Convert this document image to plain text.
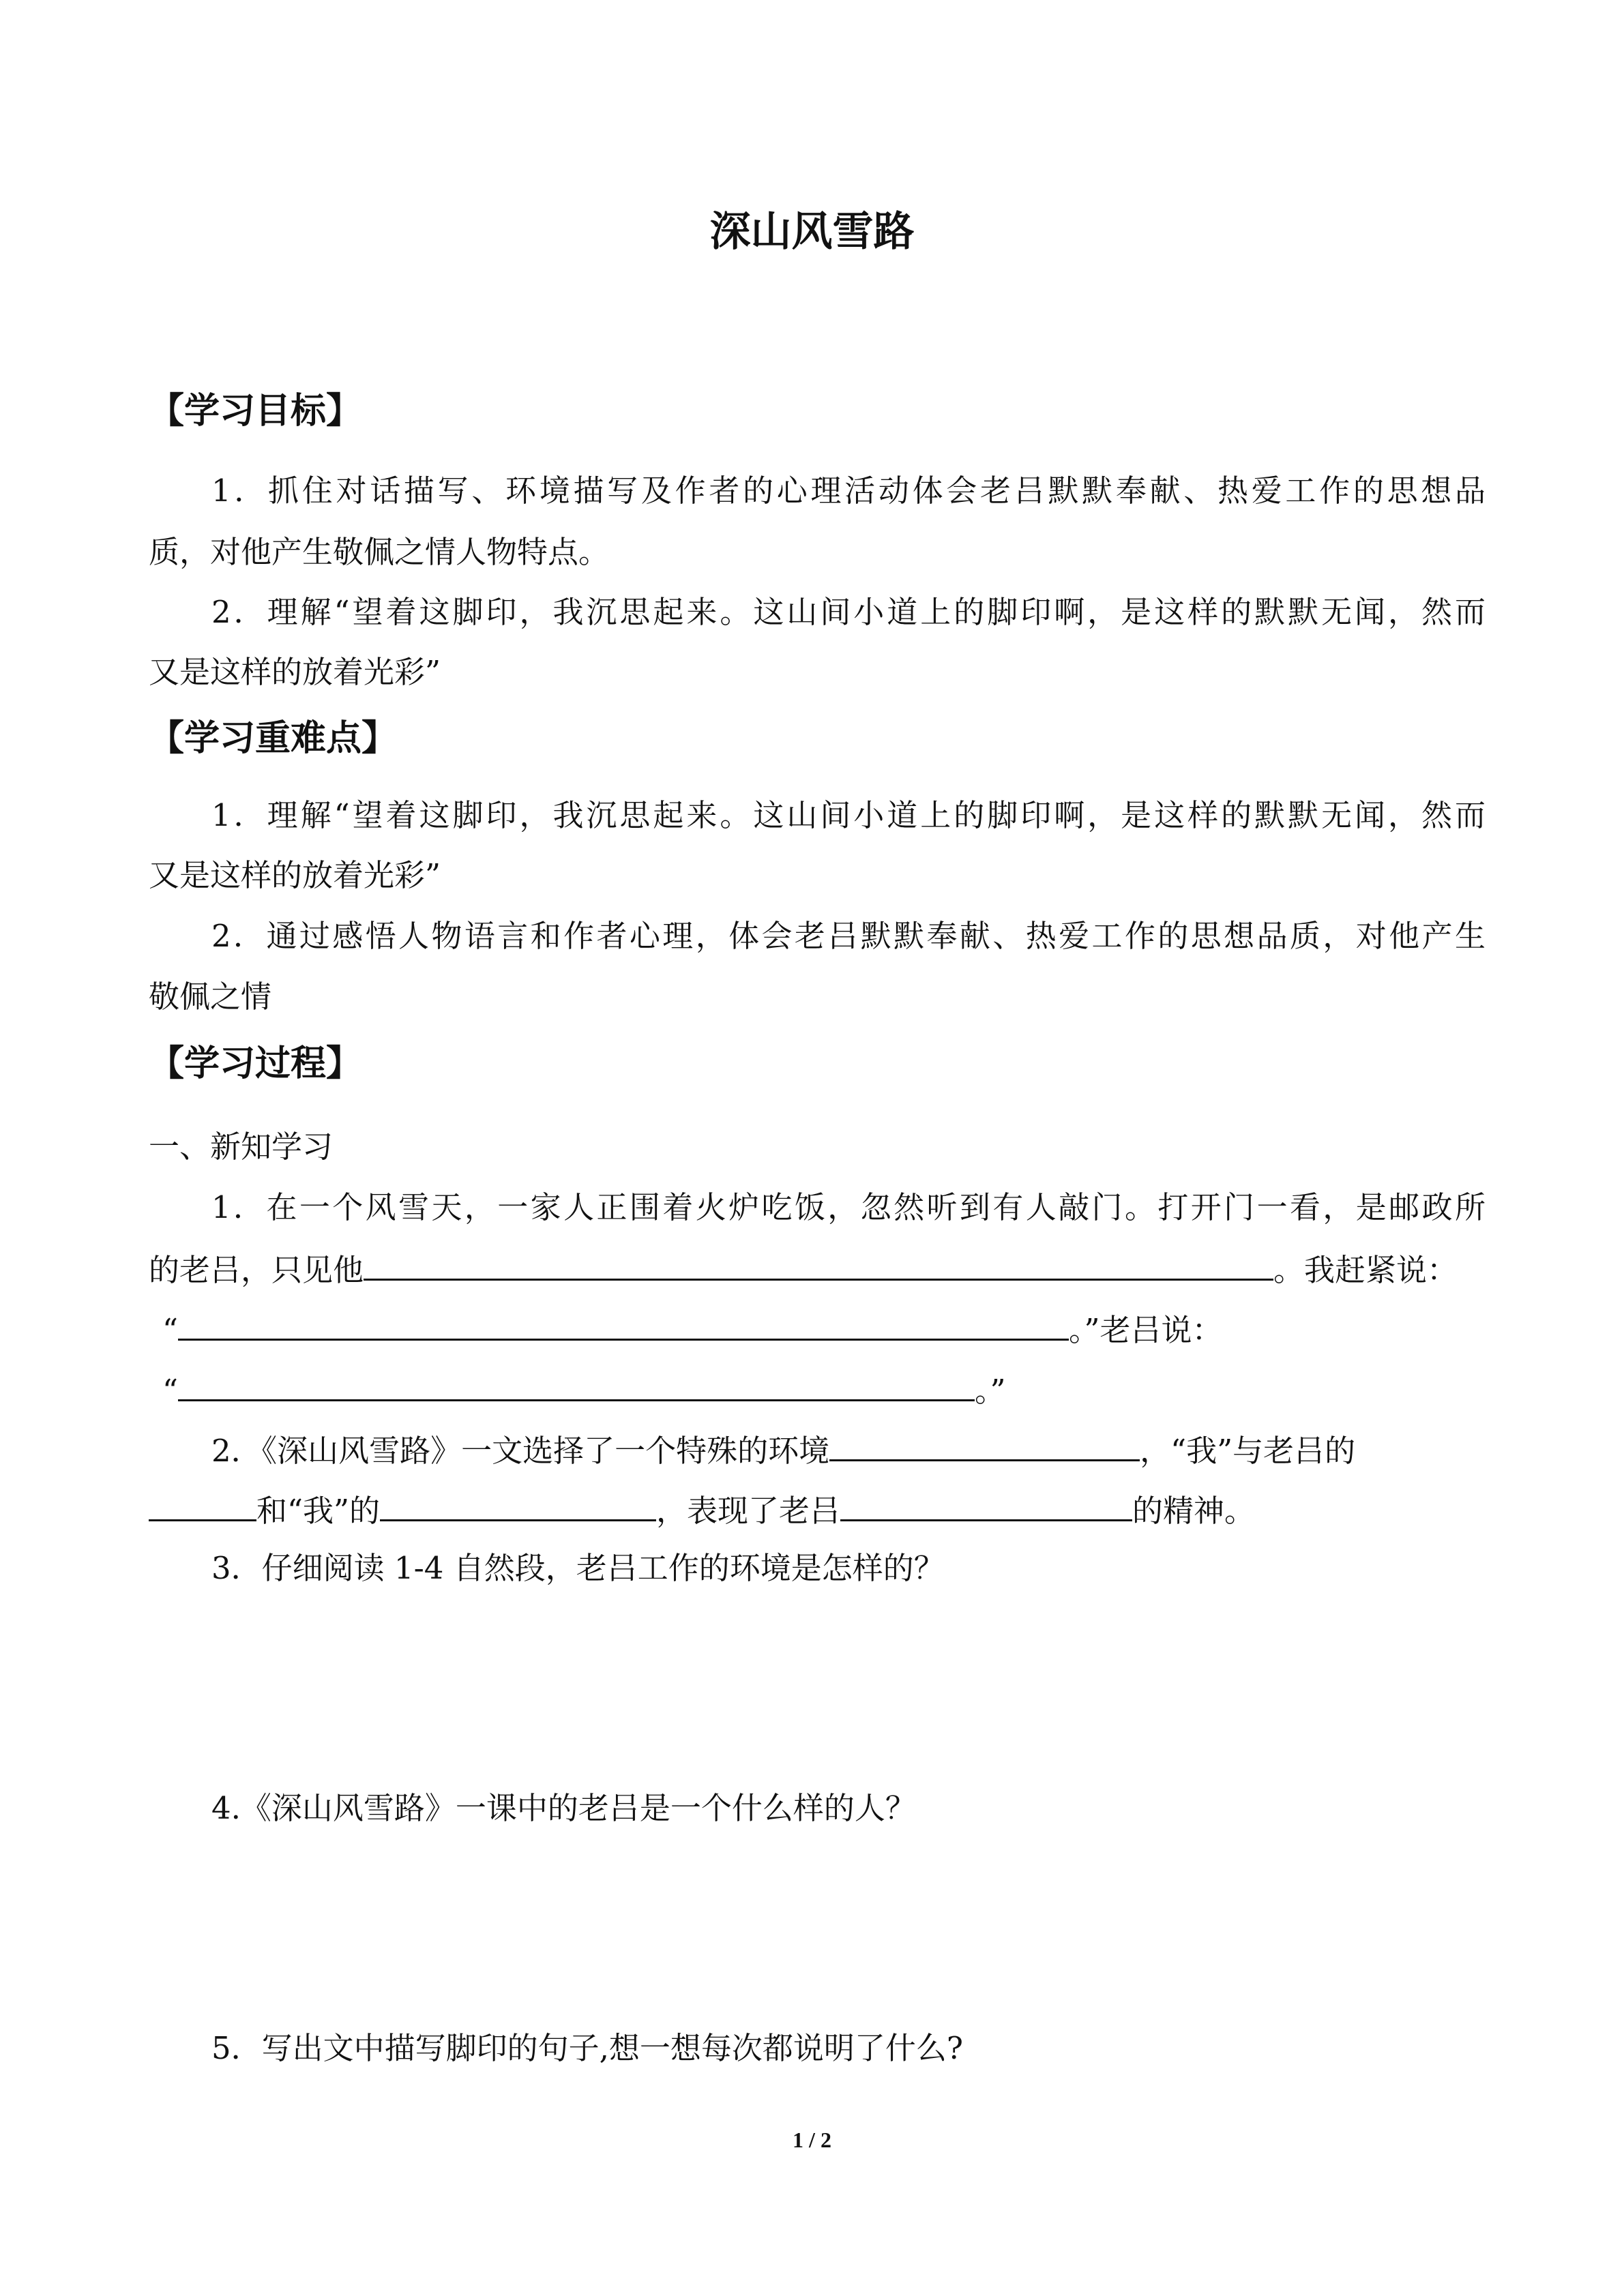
深山风雪路
【学习目标】
1．抓住对话描写、环境描写及作者的心理活动体会老吕默默奉献、热爱工作的思想品
质，对他产生敬佩之情人物特点。
2．理解“望着这脚印，我沉思起来。这山间小道上的脚印啊，是这样的默默无闻，然而
又是这样的放着光彩”
【学习重难点】
1．理解“望着这脚印，我沉思起来。这山间小道上的脚印啊，是这样的默默无闻，然而
又是这样的放着光彩”
2．通过感悟人物语言和作者心理，体会老吕默默奉献、热爱工作的思想品质，对他产生
敬佩之情
【学习过程】
一、新知学习
1．在一个风雪天，一家人正围着火炉吃饭，忽然听到有人敲门。打开门一看，是邮政所
的老吕，只见他	。我赶紧说：
“	。”老吕说：
“	。”
2．《深山风雪路》一文选择了一个特殊的环境	，“我”与老吕的
和“我”的	，表现了老吕	的精神。
3．仔细阅读 1-4 自然段，老吕工作的环境是怎样的？
4.《深山风雪路》一课中的老吕是一个什么样的人？
5．写出文中描写脚印的句子,想一想每次都说明了什么?
1 / 2
